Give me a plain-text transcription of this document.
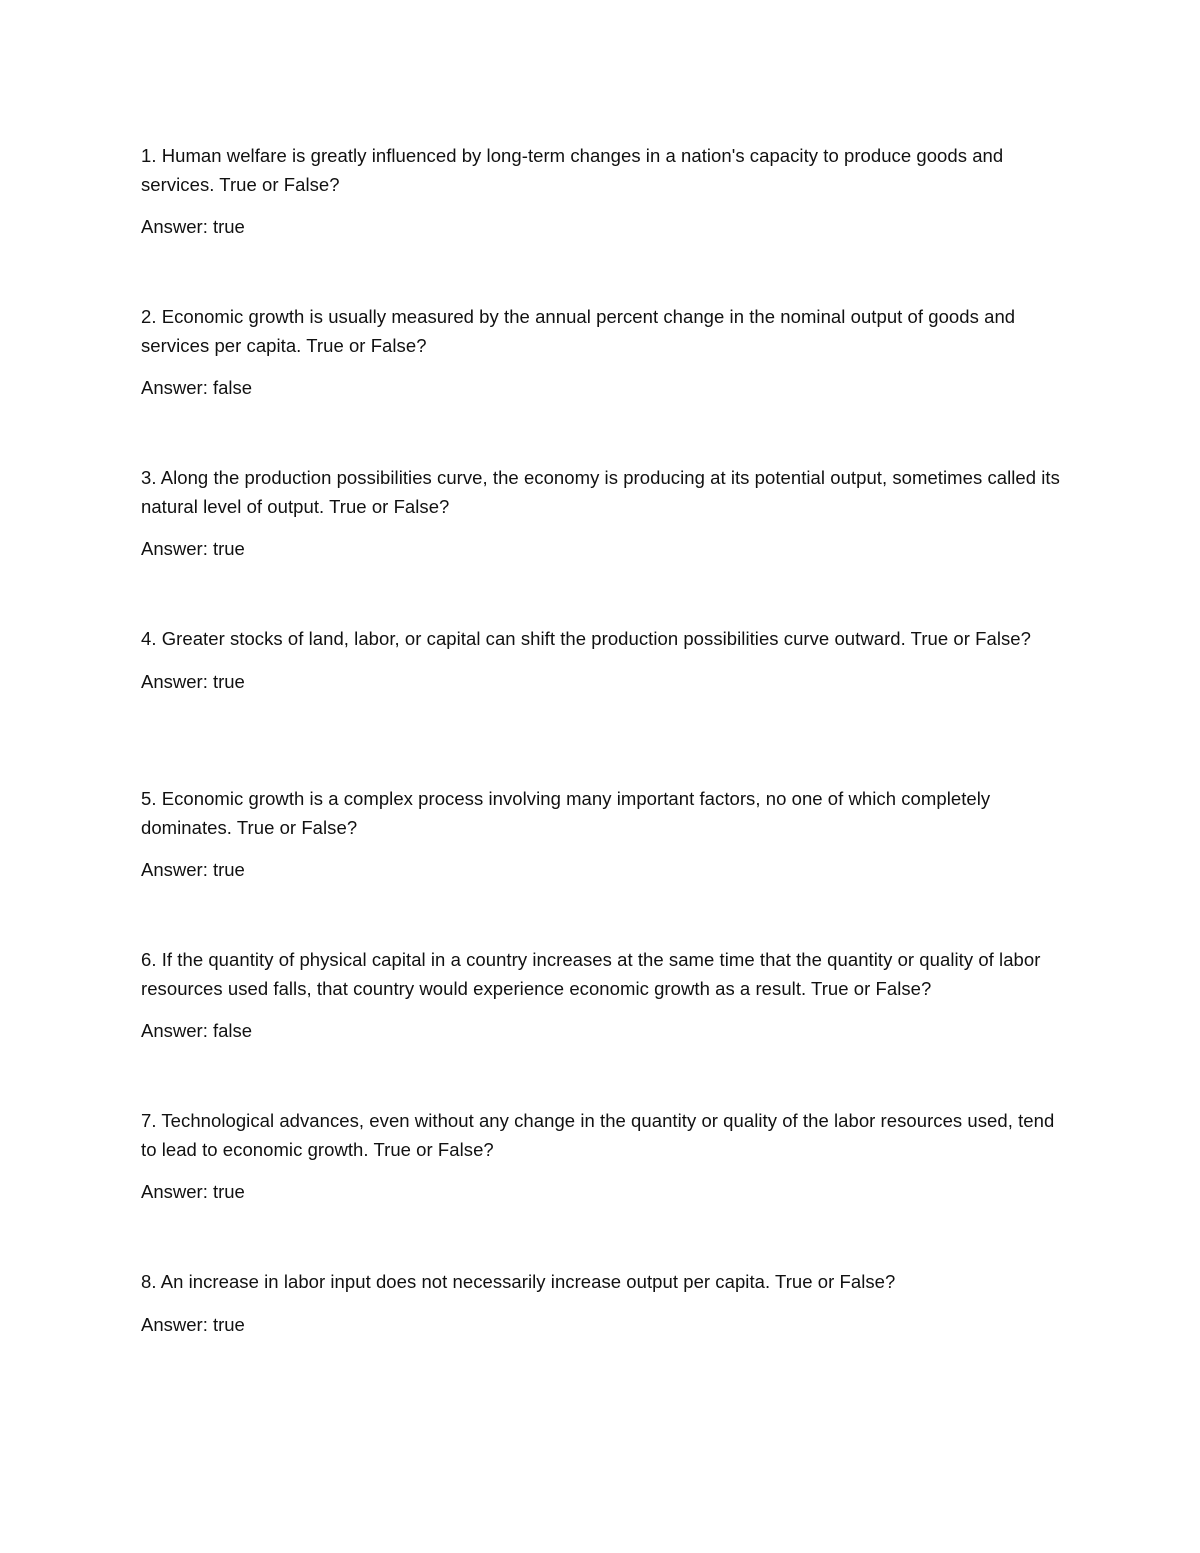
1. Human welfare is greatly influenced by long-term changes in a nation's capacity to produce goods and services. True or False?

Answer: true

2. Economic growth is usually measured by the annual percent change in the nominal output of goods and services per capita. True or False?

Answer: false

3. Along the production possibilities curve, the economy is producing at its potential output, sometimes called its natural level of output. True or False?

Answer: true

4. Greater stocks of land, labor, or capital can shift the production possibilities curve outward. True or False?

Answer: true

5. Economic growth is a complex process involving many important factors, no one of which completely dominates. True or False?

Answer: true

6. If the quantity of physical capital in a country increases at the same time that the quantity or quality of labor resources used falls, that country would experience economic growth as a result. True or False?

Answer: false

7. Technological advances, even without any change in the quantity or quality of the labor resources used, tend to lead to economic growth. True or False?

Answer: true

8. An increase in labor input does not necessarily increase output per capita. True or False?

Answer: true
